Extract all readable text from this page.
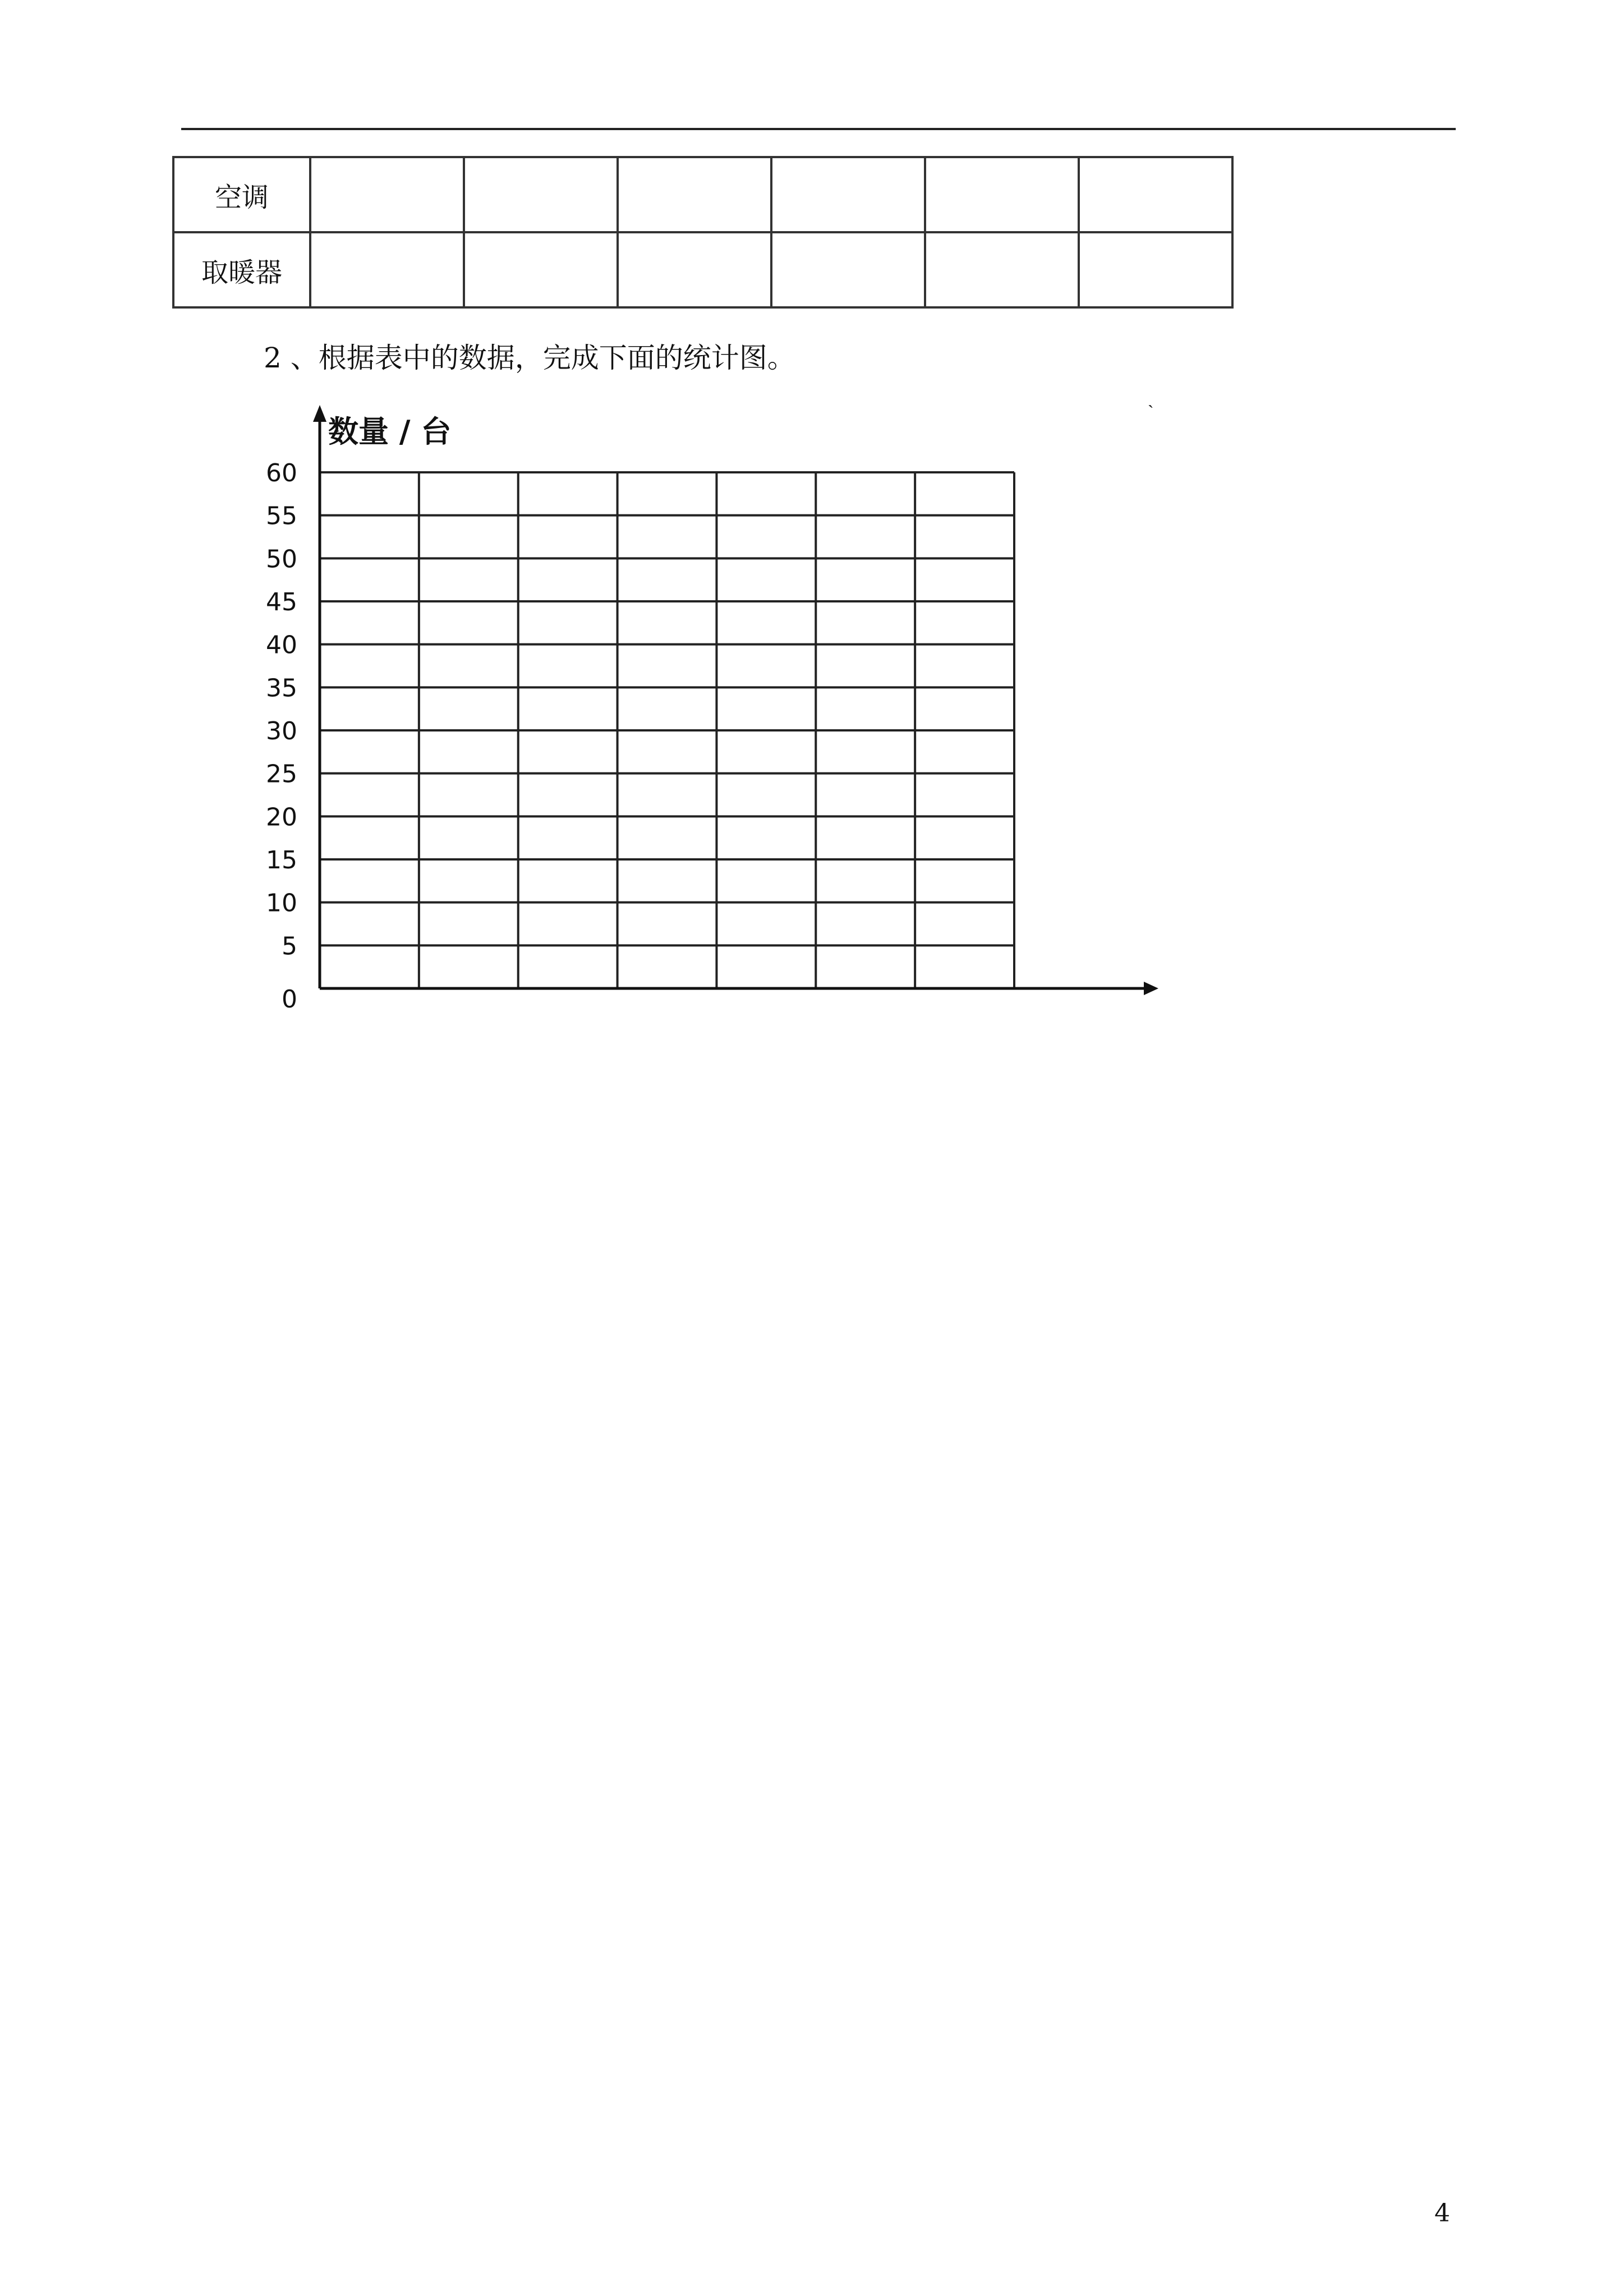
空调						
取暖器						
2 、根据表中的数据，完成下面的统计图。
ˏ
0
5
10
15
20
25
30
35
40
45
50
55
60
数量 / 台
4
